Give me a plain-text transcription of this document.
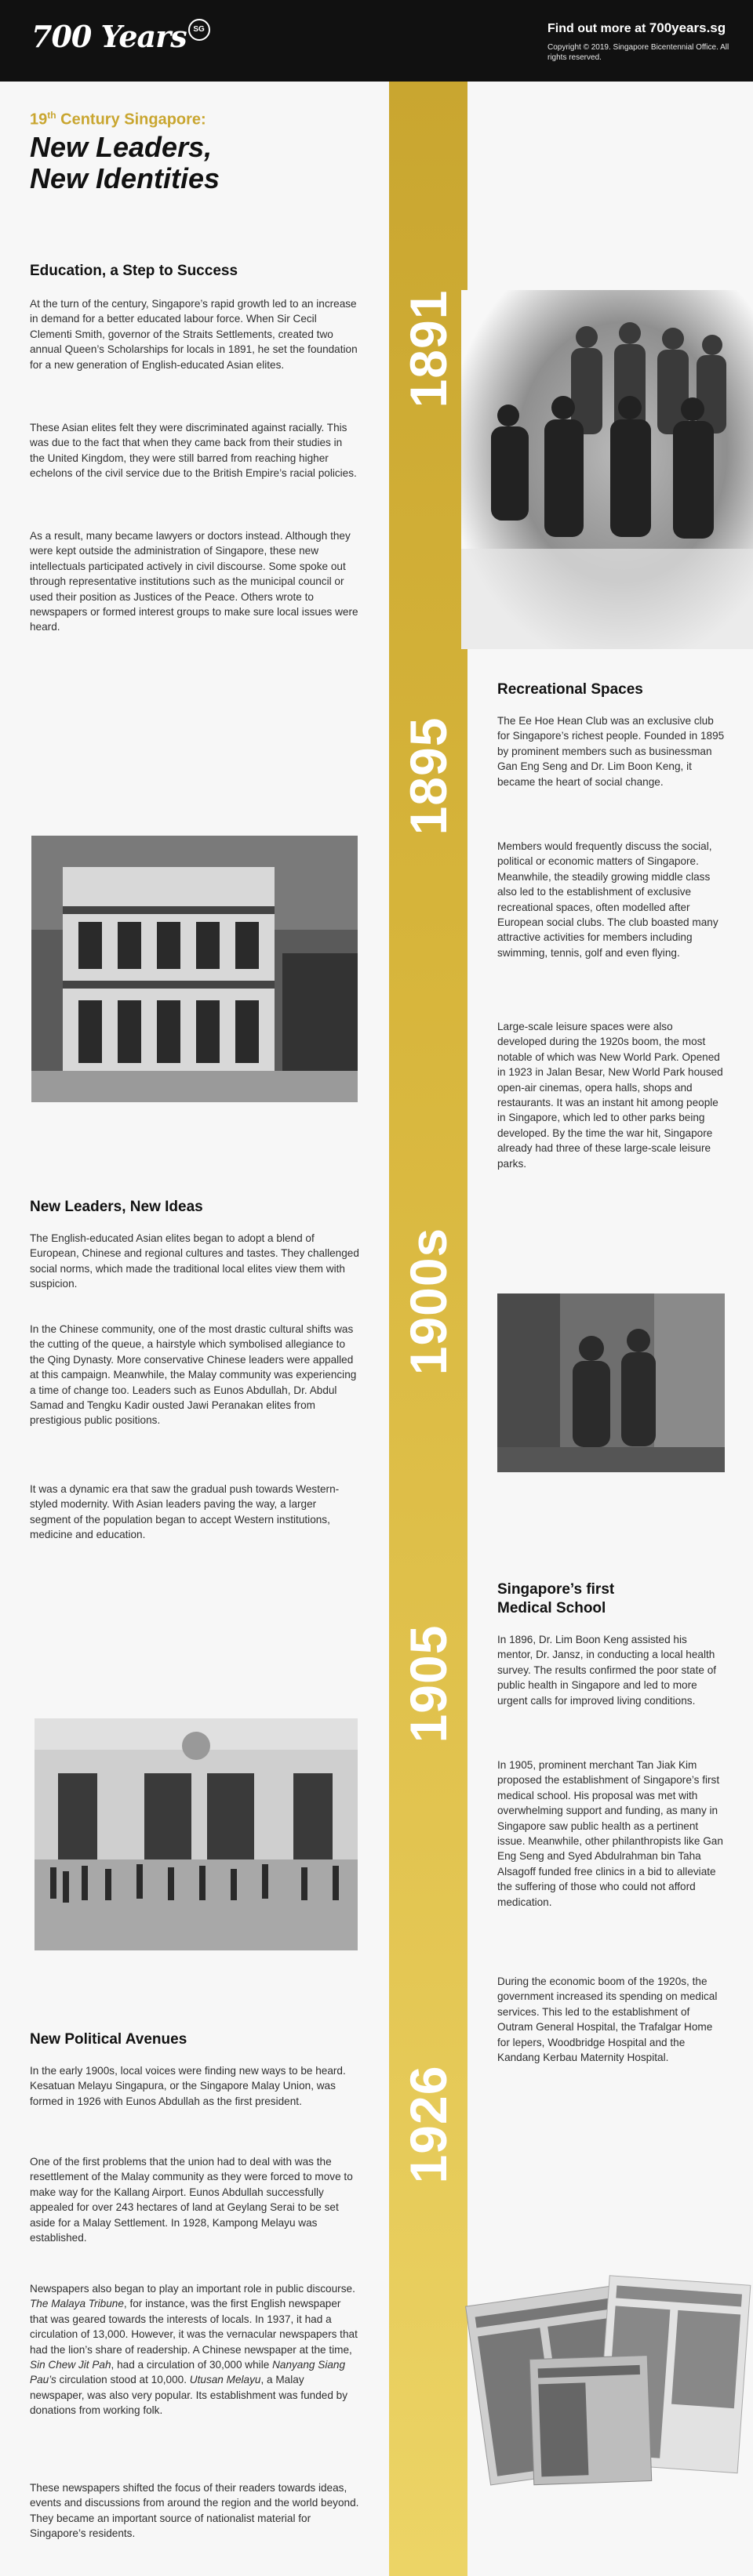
700 Years SG	Find out more at 700years.sg
Copyright © 2019. Singapore Bicentennial Office. All rights reserved.
1891
1895
1900s
1905
1926
19th Century Singapore:
New Leaders,
New Identities
Education, a Step to Success

At the turn of the century, Singapore’s rapid growth led to an increase in demand for a better educated labour force. When Sir Cecil Clementi Smith, governor of the Straits Settlements, created two annual Queen’s Scholarships for locals in 1891, he set the foundation for a new generation of English-educated Asian elites.

These Asian elites felt they were discriminated against racially. This was due to the fact that when they came back from their studies in the United Kingdom, they were still barred from reaching higher echelons of the civil service due to the British Empire’s racial policies.

As a result, many became lawyers or doctors instead. Although they were kept outside the administration of Singapore, these new intellectuals participated actively in civil discourse. Some spoke out through representative institutions such as the municipal council or used their position as Justices of the Peace. Others wrote to newspapers or formed interest groups to make sure local issues were heard.

Recreational Spaces

The Ee Hoe Hean Club was an exclusive club for Singapore’s richest people. Founded in 1895 by prominent members such as businessman Gan Eng Seng and Dr. Lim Boon Keng, it became the heart of social change.

Members would frequently discuss the social, political or economic matters of Singapore. Meanwhile, the steadily growing middle class also led to the establishment of exclusive recreational spaces, often modelled after European social clubs. The club boasted many attractive activities for members including swimming, tennis, golf and even flying.

Large-scale leisure spaces were also developed during the 1920s boom, the most notable of which was New World Park. Opened in 1923 in Jalan Besar, New World Park housed open-air cinemas, opera halls, shops and restaurants. It was an instant hit among people in Singapore, which led to other parks being developed. By the time the war hit, Singapore already had three of these large-scale leisure parks.

New Leaders, New Ideas

The English-educated Asian elites began to adopt a blend of European, Chinese and regional cultures and tastes. They challenged social norms, which made the traditional local elites view them with suspicion.

In the Chinese community, one of the most drastic cultural shifts was the cutting of the queue, a hairstyle which symbolised allegiance to the Qing Dynasty. More conservative Chinese leaders were appalled at this campaign. Meanwhile, the Malay community was experiencing a time of change too. Leaders such as Eunos Abdullah, Dr. Abdul Samad and Tengku Kadir ousted Jawi Peranakan elites from prestigious public positions.

It was a dynamic era that saw the gradual push towards Western-styled modernity. With Asian leaders paving the way, a larger segment of the population began to accept Western institutions, medicine and education.

Singapore’s first
Medical School

In 1896, Dr. Lim Boon Keng assisted his mentor, Dr. Jansz, in conducting a local health survey. The results confirmed the poor state of public health in Singapore and led to more urgent calls for improved living conditions.

In 1905, prominent merchant Tan Jiak Kim proposed the establishment of Singapore’s first medical school. His proposal was met with overwhelming support and funding, as many in Singapore saw public health as a pertinent issue. Meanwhile, other philanthropists like Gan Eng Seng and Syed Abdulrahman bin Taha Alsagoff funded free clinics in a bid to alleviate the suffering of those who could not afford medication.

During the economic boom of the 1920s, the government increased its spending on medical services. This led to the establishment of Outram General Hospital, the Trafalgar Home for lepers, Woodbridge Hospital and the Kandang Kerbau Maternity Hospital.

New Political Avenues

In the early 1900s, local voices were finding new ways to be heard. Kesatuan Melayu Singapura, or the Singapore Malay Union, was formed in 1926 with Eunos Abdullah as the first president.

One of the first problems that the union had to deal with was the resettlement of the Malay community as they were forced to move to make way for the Kallang Airport. Eunos Abdullah successfully appealed for over 243 hectares of land at Geylang Serai to be set aside for a Malay Settlement. In 1928, Kampong Melayu was established.

Newspapers also began to play an important role in public discourse. The Malaya Tribune, for instance, was the first English newspaper that was geared towards the interests of locals. In 1937, it had a circulation of 13,000. However, it was the vernacular newspapers that had the lion’s share of readership. A Chinese newspaper at the time, Sin Chew Jit Pah, had a circulation of 30,000 while Nanyang Siang Pau’s circulation stood at 10,000. Utusan Melayu, a Malay newspaper, was also very popular. Its establishment was funded by donations from working folk.

These newspapers shifted the focus of their readers towards ideas, events and discussions from around the region and the world beyond. They became an important source of nationalist material for Singapore’s residents.
